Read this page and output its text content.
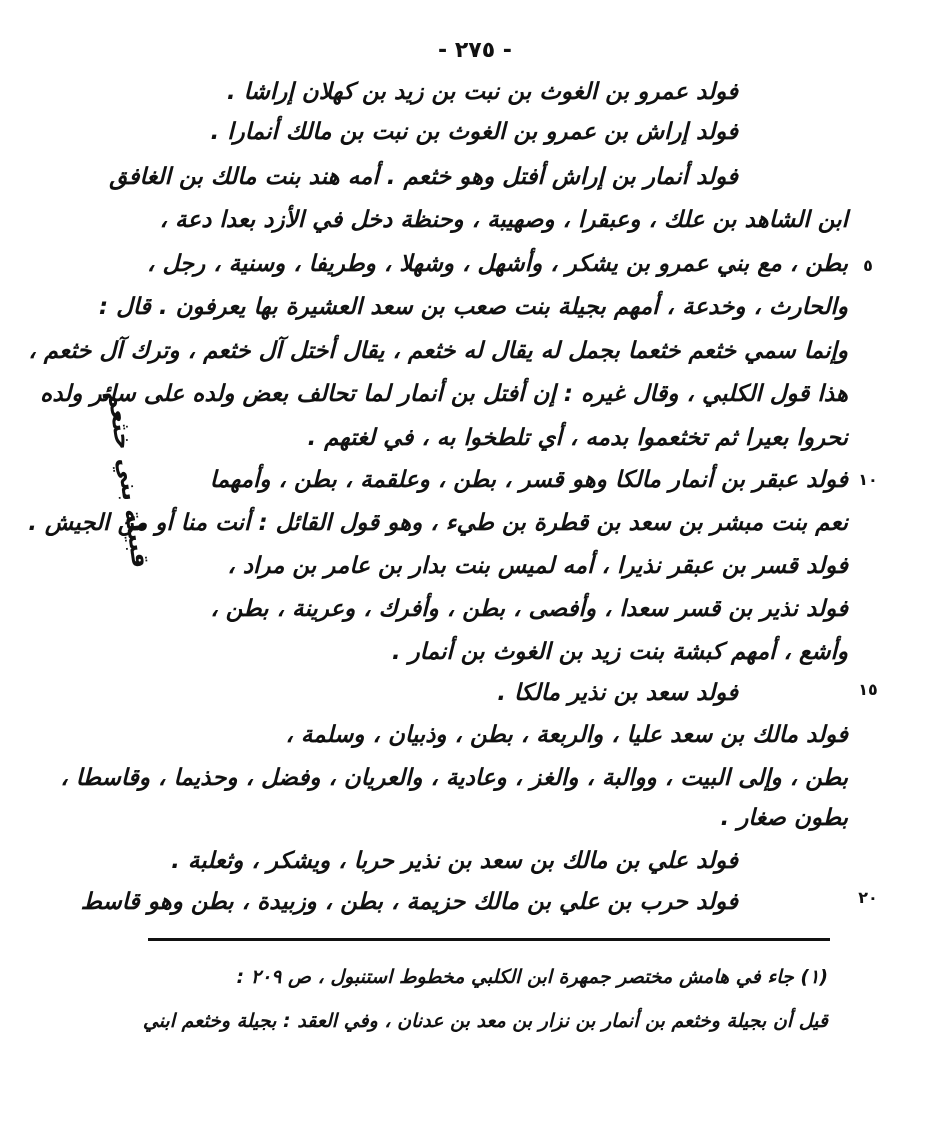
- ٢٧٥ -
فولد عمرو بن الغوث بن نبت بن زيد بن كهلان إراشا .
فولد إراش بن عمرو بن الغوث بن نبت بن مالك أنمارا .
فولد أنمار بن إراش أفتل وهو خثعم . أمه هند بنت مالك بن الغافق
ابن الشاهد بن علك ، وعبقرا ، وصهيبة ، وحنظة دخل في الأزد بعدا دعة ،
بطن ، مع بني عمرو بن يشكر ، وأشهل ، وشهلا ، وطريفا ، وسنية ، رجل ،
والحارث ، وخدعة ، أمهم بجيلة بنت صعب بن سعد العشيرة بها يعرفون . قال :
وإنما سمي خثعم خثعما بجمل له يقال له خثعم ، يقال أختل آل خثعم ، وترك آل خثعم ،
هذا قول الكلبي ، وقال غيره : إن أفتل بن أنمار لما تحالف بعض ولده على سائر ولده
نحروا بعيرا ثم تخثعموا بدمه ، أي تلطخوا به ، في لغتهم .
فولد عبقر بن أنمار مالكا وهو قسر ، بطن ، وعلقمة ، بطن ، وأمهما
نعم بنت مبشر بن سعد بن قطرة بن طيء ، وهو قول القائل : أنت منا أو من الجيش .
فولد قسر بن عبقر نذيرا ، أمه لميس بنت بدار بن عامر بن مراد ،
فولد نذير بن قسر سعدا ، وأفصى ، بطن ، وأفرك ، وعرينة ، بطن ،
وأشع ، أمهم كبشة بنت زيد بن الغوث بن أنمار .
فولد سعد بن نذير مالكا .
فولد مالك بن سعد عليا ، والربعة ، بطن ، وذبيان ، وسلمة ،
بطن ، وإلى البيت ، ووالبة ، والغز ، وعادية ، والعريان ، وفضل ، وحذيما ، وقاسطا ،
بطون صغار .
فولد علي بن مالك بن سعد بن نذير حربا ، ويشكر ، وثعلبة .
فولد حرب بن علي بن مالك حزيمة ، بطن ، وزبيدة ، بطن وهو قاسط
٥
١٠
١٥
٢٠
قبيلة بني خثعم
(١) جاء في هامش مختصر جمهرة ابن الكلبي مخطوط استنبول ، ص ٢٠٩ :
قيل أن بجيلة وخثعم بن أنمار بن نزار بن معد بن عدنان ، وفي العقد : بجيلة وخثعم ابني
